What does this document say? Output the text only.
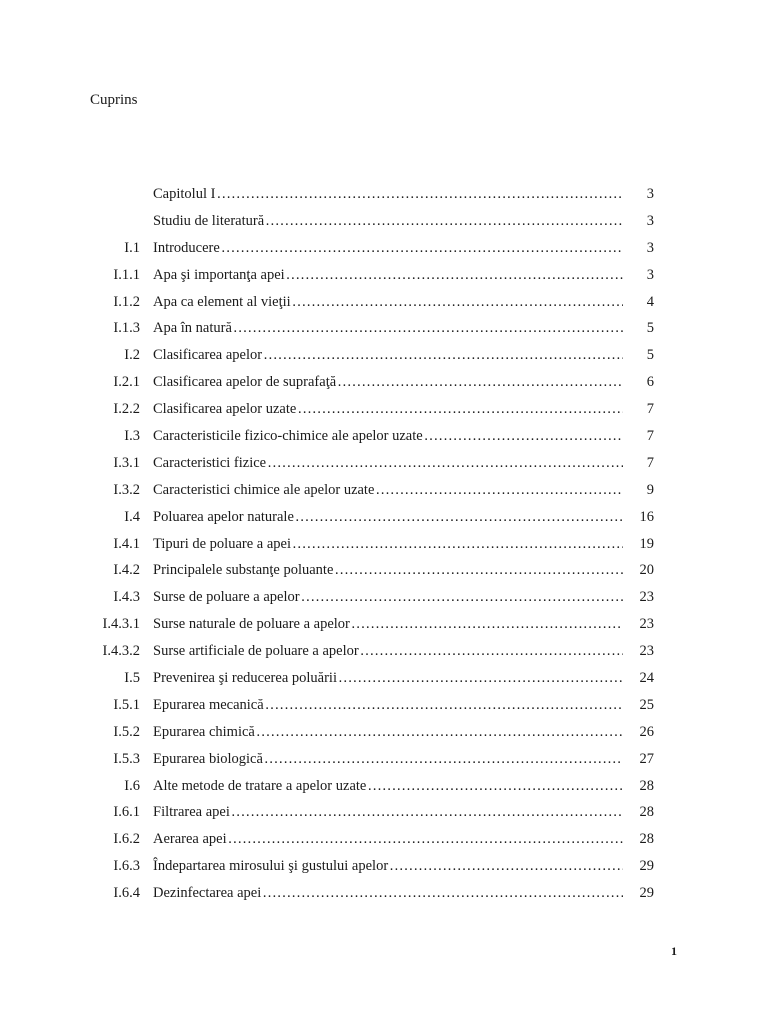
Cuprins
Capitolul I …………………………………………………………………………………………………………………………………………………………………………………………………………	3
Studiu de literatură …………………………………………………………………………………………………………………………………………………………………………………………………………	3
I.1 Introducere …………………………………………………………………………………………………………………………………………………………………………………………………………	3
I.1.1 Apa şi importanţa apei …………………………………………………………………………………………………………………………………………………………………………………………………………	3
I.1.2 Apa ca element al vieţii …………………………………………………………………………………………………………………………………………………………………………………………………………	4
I.1.3 Apa în natură …………………………………………………………………………………………………………………………………………………………………………………………………………	5
I.2 Clasificarea apelor …………………………………………………………………………………………………………………………………………………………………………………………………………	5
I.2.1 Clasificarea apelor de suprafaţă …………………………………………………………………………………………………………………………………………………………………………………………………………	6
I.2.2 Clasificarea apelor uzate …………………………………………………………………………………………………………………………………………………………………………………………………………	7
I.3 Caracteristicile fizico-chimice ale apelor uzate …………………………………………………………………………………………………………………………………………………………………………………………………………	7
I.3.1 Caracteristici fizice …………………………………………………………………………………………………………………………………………………………………………………………………………	7
I.3.2 Caracteristici chimice ale apelor uzate …………………………………………………………………………………………………………………………………………………………………………………………………………	9
I.4 Poluarea apelor naturale …………………………………………………………………………………………………………………………………………………………………………………………………………	16
I.4.1 Tipuri de poluare a apei …………………………………………………………………………………………………………………………………………………………………………………………………………	19
I.4.2 Principalele substanţe poluante …………………………………………………………………………………………………………………………………………………………………………………………………………	20
I.4.3 Surse de poluare a apelor …………………………………………………………………………………………………………………………………………………………………………………………………………	23
I.4.3.1 Surse naturale de poluare a apelor …………………………………………………………………………………………………………………………………………………………………………………………………………	23
I.4.3.2 Surse artificiale de poluare a apelor …………………………………………………………………………………………………………………………………………………………………………………………………………	23
I.5 Prevenirea şi reducerea poluării …………………………………………………………………………………………………………………………………………………………………………………………………………	24
I.5.1 Epurarea mecanică …………………………………………………………………………………………………………………………………………………………………………………………………………	25
I.5.2 Epurarea chimică …………………………………………………………………………………………………………………………………………………………………………………………………………	26
I.5.3 Epurarea biologică …………………………………………………………………………………………………………………………………………………………………………………………………………	27
I.6 Alte metode de tratare a apelor uzate …………………………………………………………………………………………………………………………………………………………………………………………………………	28
I.6.1 Filtrarea apei …………………………………………………………………………………………………………………………………………………………………………………………………………	28
I.6.2 Aerarea apei …………………………………………………………………………………………………………………………………………………………………………………………………………	28
I.6.3 Îndepartarea mirosului şi gustului apelor …………………………………………………………………………………………………………………………………………………………………………………………………………	29
I.6.4 Dezinfectarea apei …………………………………………………………………………………………………………………………………………………………………………………………………………	29
1
